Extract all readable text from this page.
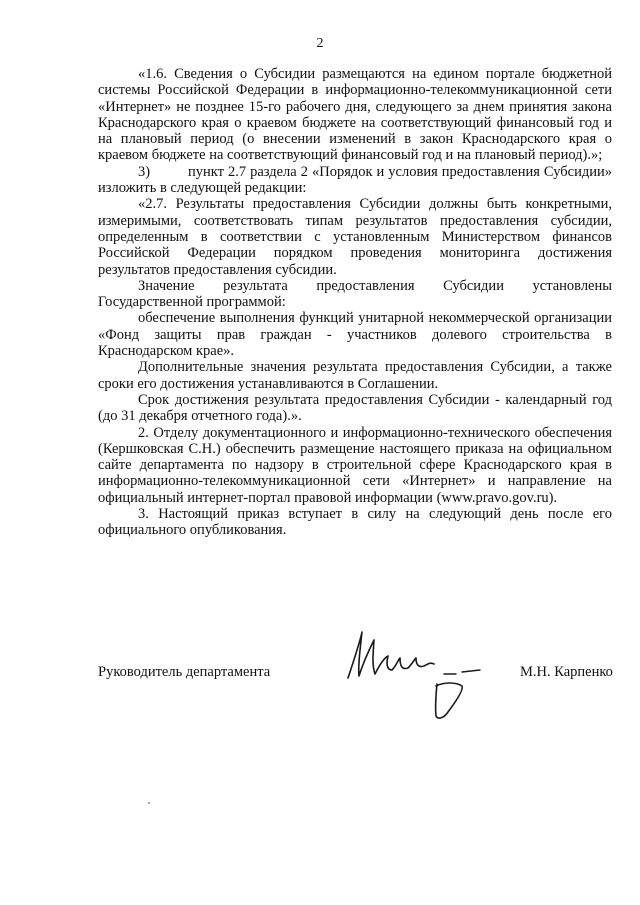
2

«1.6. Сведения о Субсидии размещаются на едином портале бюджетной системы Российской Федерации в информационно-телекоммуникационной сети «Интернет» не позднее 15-го рабочего дня, следующего за днем принятия закона Краснодарского края о краевом бюджете на соответствующий финансовый год и на плановый период (о внесении изменений в закон Краснодарского края о краевом бюджете на соответствующий финансовый год и на плановый период).»;

3)	пункт 2.7 раздела 2 «Порядок и условия предоставления Субсидии» изложить в следующей редакции:

«2.7. Результаты предоставления Субсидии должны быть конкретными, измеримыми, соответствовать типам результатов предоставления субсидии, определенным в соответствии с установленным Министерством финансов Российской Федерации порядком проведения мониторинга достижения результатов предоставления субсидии.

Значение результата предоставления Субсидии установлены Государственной программой:

обеспечение выполнения функций унитарной некоммерческой организации «Фонд защиты прав граждан - участников долевого строительства в Краснодарском крае».

Дополнительные значения результата предоставления Субсидии, а также сроки его достижения устанавливаются в Соглашении.

Срок достижения результата предоставления Субсидии - календарный год (до 31 декабря отчетного года).».

2. Отделу документационного и информационно-технического обеспечения (Кершковская С.Н.) обеспечить размещение настоящего приказа на официальном сайте департамента по надзору в строительной сфере Краснодарского края в информационно-телекоммуникационной сети «Интернет» и направление на официальный интернет-портал правовой информации (www.pravo.gov.ru).

3. Настоящий приказ вступает в силу на следующий день после его официального опубликования.

Руководитель департамента	М.Н. Карпенко
